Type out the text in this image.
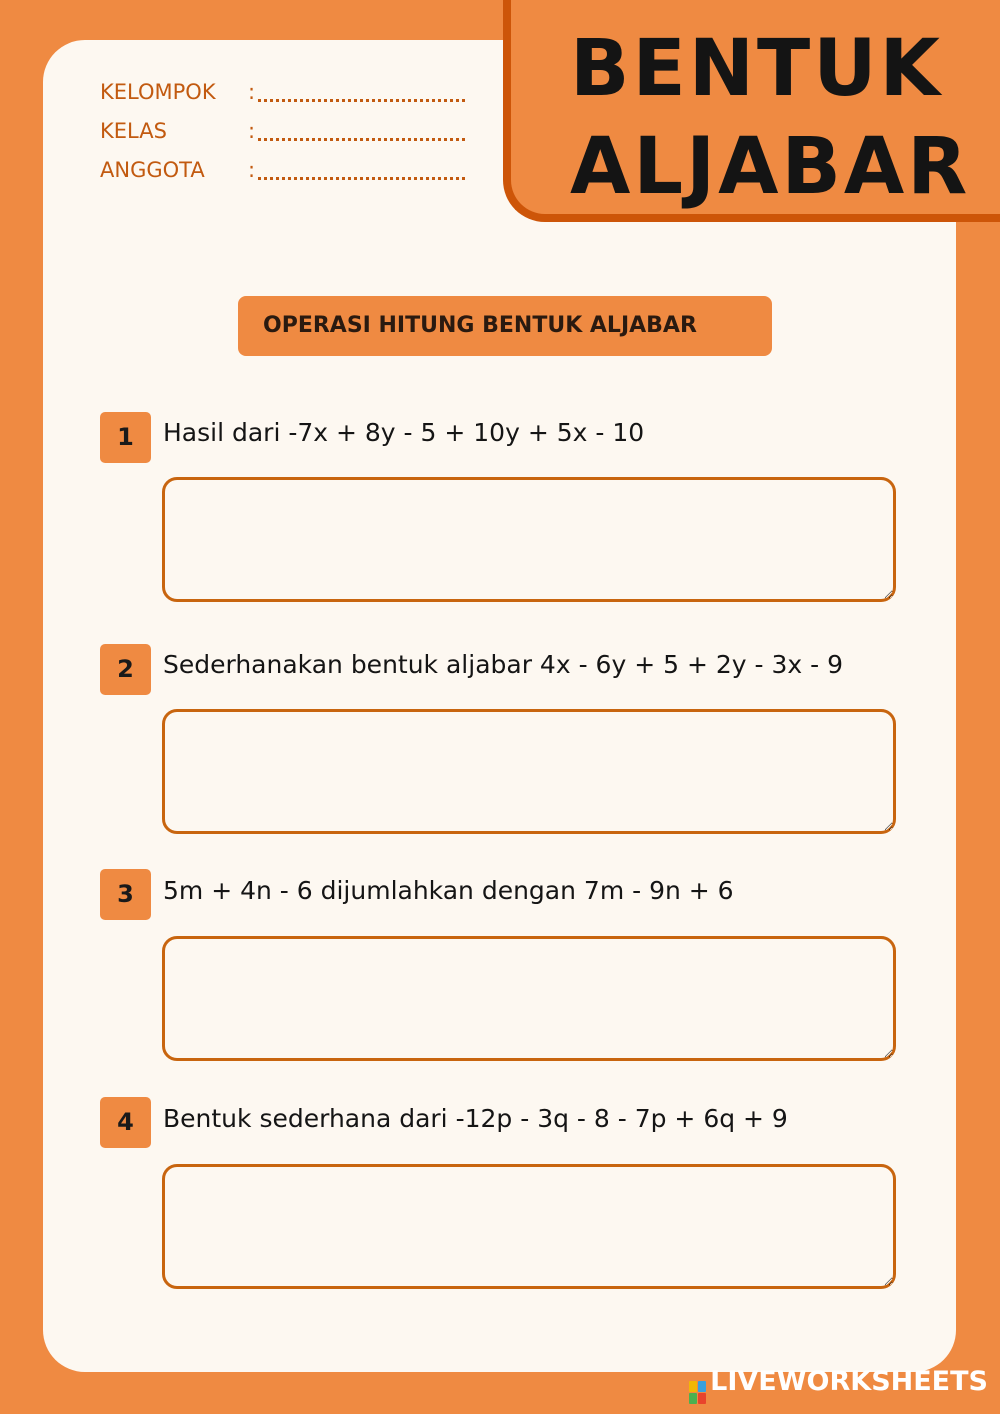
BENTUK
ALJABAR
KELOMPOK :
KELAS	:
ANGGOTA :
OPERASI HITUNG BENTUK ALJABAR
1	Hasil dari -7x + 8y - 5 + 10y + 5x - 10
2	Sederhanakan bentuk aljabar 4x - 6y + 5 + 2y - 3x - 9
3	5m + 4n - 6 dijumlahkan dengan 7m - 9n + 6
4	Bentuk sederhana dari -12p - 3q - 8 - 7p + 6q + 9
LIVEWORKSHEETS
